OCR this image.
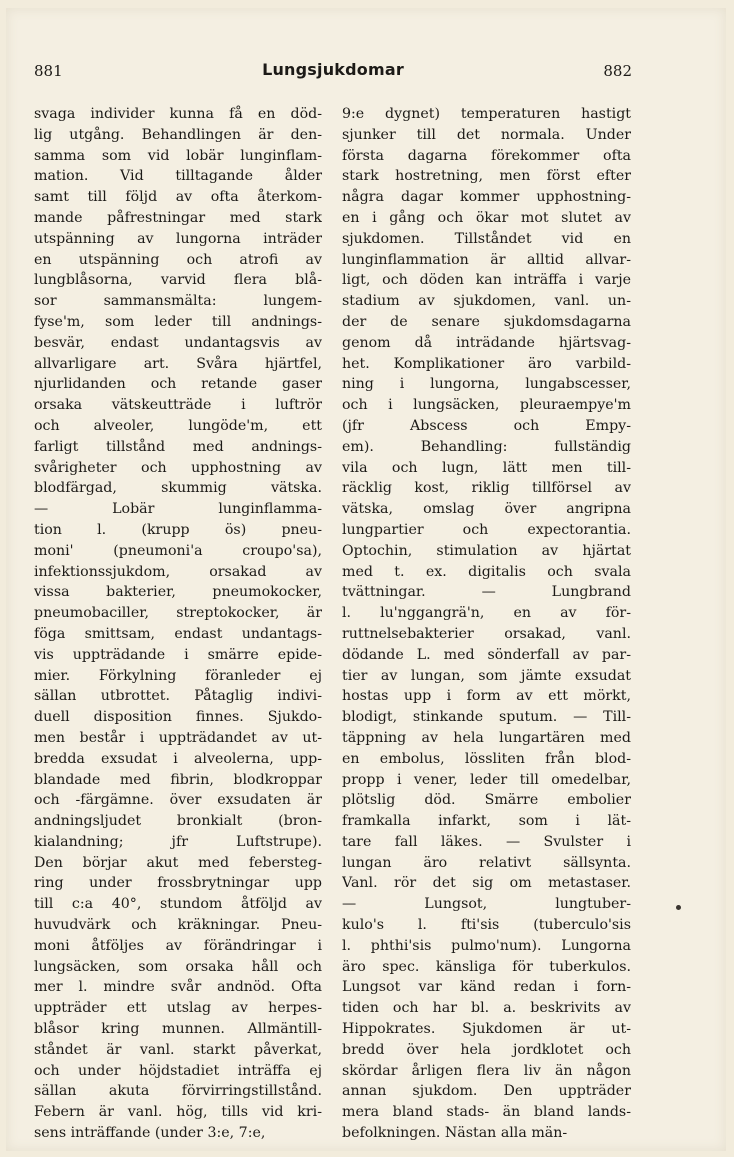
881	Lungsjukdomar	882
svaga individer kunna få en död-
lig utgång. Behandlingen är den-
samma som vid lobär lunginflam-
mation. Vid tilltagande ålder
samt till följd av ofta återkom-
mande påfrestningar med stark
utspänning av lungorna inträder
en utspänning och atrofi av
lungblåsorna, varvid flera blå-
sor sammansmälta: lungem-
fyse'm, som leder till andnings-
besvär, endast undantagsvis av
allvarligare art. Svåra hjärtfel,
njurlidanden och retande gaser
orsaka vätskeutträde i luftrör
och alveoler, lungöde'm, ett
farligt tillstånd med andnings-
svårigheter och upphostning av
blodfärgad, skummig vätska.
— Lobär lunginflamma-
tion l. (krupp ös) pneu-
moni' (pneumoni'a croupo'sa),
infektionssjukdom, orsakad av
vissa bakterier, pneumokocker,
pneumobaciller, streptokocker, är
föga smittsam, endast undantags-
vis uppträdande i smärre epide-
mier. Förkylning föranleder ej
sällan utbrottet. Påtaglig indivi-
duell disposition finnes. Sjukdo-
men består i uppträdandet av ut-
bredda exsudat i alveolerna, upp-
blandade med fibrin, blodkroppar
och -färgämne. över exsudaten är
andningsljudet bronkialt (bron-
kialandning; jfr Luftstrupe).
Den börjar akut med febersteg-
ring under frossbrytningar upp
till c:a 40°, stundom åtföljd av
huvudvärk och kräkningar. Pneu-
moni åtföljes av förändringar i
lungsäcken, som orsaka håll och
mer l. mindre svår andnöd. Ofta
uppträder ett utslag av herpes-
blåsor kring munnen. Allmäntill-
ståndet är vanl. starkt påverkat,
och under höjdstadiet inträffa ej
sällan akuta förvirringstillstånd.
Febern är vanl. hög, tills vid kri-
sens inträffande (under 3:e, 7:e,
9:e dygnet) temperaturen hastigt
sjunker till det normala. Under
första dagarna förekommer ofta
stark hostretning, men först efter
några dagar kommer upphostning-
en i gång och ökar mot slutet av
sjukdomen. Tillståndet vid en
lunginflammation är alltid allvar-
ligt, och döden kan inträffa i varje
stadium av sjukdomen, vanl. un-
der de senare sjukdomsdagarna
genom då inträdande hjärtsvag-
het. Komplikationer äro varbild-
ning i lungorna, lungabscesser,
och i lungsäcken, pleuraempye'm
(jfr Abscess och Empy-
em). Behandling: fullständig
vila och lugn, lätt men till-
räcklig kost, riklig tillförsel av
vätska, omslag över angripna
lungpartier och expectorantia.
Optochin, stimulation av hjärtat
med t. ex. digitalis och svala
tvättningar. — Lungbrand
l. lu'nggangrä'n, en av för-
ruttnelsebakterier orsakad, vanl.
dödande L. med sönderfall av par-
tier av lungan, som jämte exsudat
hostas upp i form av ett mörkt,
blodigt, stinkande sputum. — Till-
täppning av hela lungartären med
en embolus, lössliten från blod-
propp i vener, leder till omedelbar,
plötslig död. Smärre embolier
framkalla infarkt, som i lät-
tare fall läkes. — Svulster i
lungan äro relativt sällsynta.
Vanl. rör det sig om metastaser.
— Lungsot, lungtuber-
kulo's l. fti'sis (tuberculo'sis
l. phthi'sis pulmo'num). Lungorna
äro spec. känsliga för tuberkulos.
Lungsot var känd redan i forn-
tiden och har bl. a. beskrivits av
Hippokrates. Sjukdomen är ut-
bredd över hela jordklotet och
skördar årligen flera liv än någon
annan sjukdom. Den uppträder
mera bland stads- än bland lands-
befolkningen. Nästan alla män-
